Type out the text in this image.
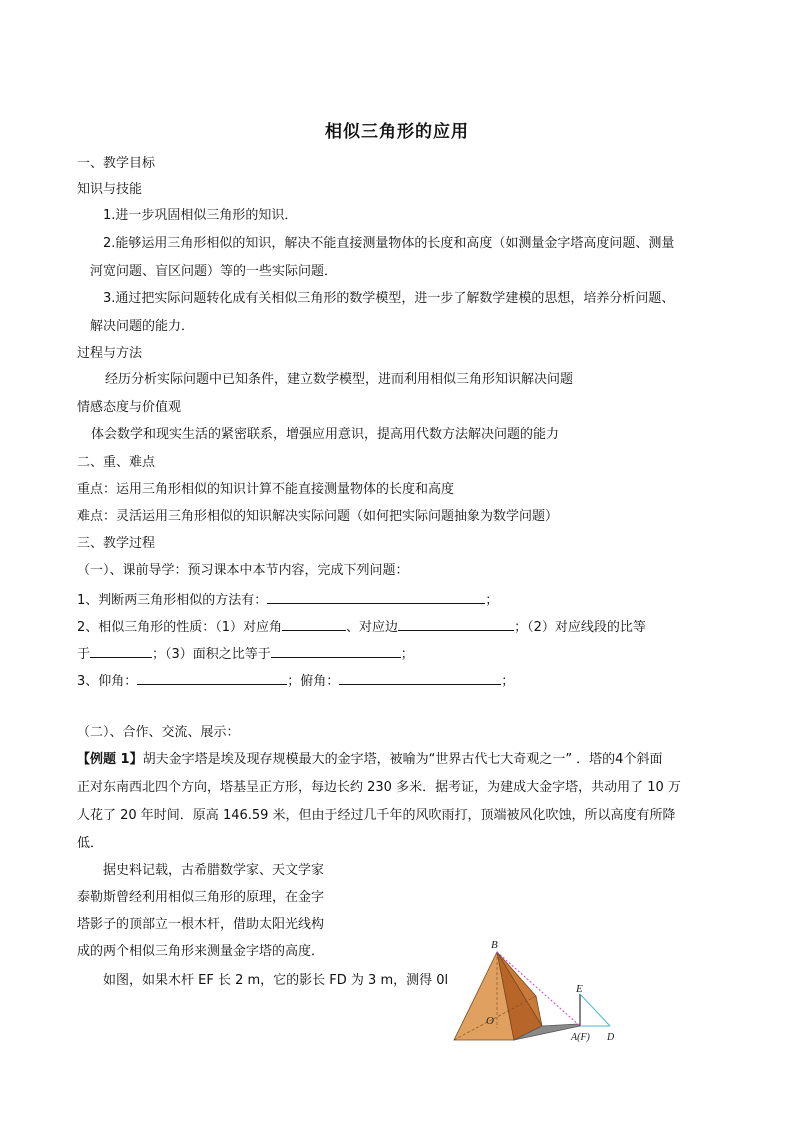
相似三角形的应用
一、教学目标
知识与技能
1.进一步巩固相似三角形的知识．
2.能够运用三角形相似的知识，解决不能直接测量物体的长度和高度（如测量金字塔高度问题、测量
河宽问题、盲区问题）等的一些实际问题．
3.通过把实际问题转化成有关相似三角形的数学模型，进一步了解数学建模的思想，培养分析问题、
解决问题的能力．
过程与方法
经历分析实际问题中已知条件，建立数学模型，进而利用相似三角形知识解决问题
情感态度与价值观
体会数学和现实生活的紧密联系，增强应用意识，提高用代数方法解决问题的能力
二、重、难点
重点：运用三角形相似的知识计算不能直接测量物体的长度和高度
难点：灵活运用三角形相似的知识解决实际问题（如何把实际问题抽象为数学问题）
三、教学过程
（一）、课前导学：预习课本中本节内容，完成下列问题：
1、判断两三角形相似的方法有：	；
2、相似三角形的性质：（1）对应角	、对应边	；（2）对应线段的比等
于	；（3）面积之比等于	；
3、仰角：	；俯角：	；
（二）、合作、交流、展示：
【例题 1】胡夫金字塔是埃及现存规模最大的金字塔，被喻为“世界古代七大奇观之一” ．塔的4个斜面
正对东南西北四个方向，塔基呈正方形，每边长约 230 多米．据考证，为建成大金字塔，共动用了 10 万
人花了 20 年时间．原高 146.59 米，但由于经过几千年的风吹雨打，顶端被风化吹蚀，所以高度有所降
低．
据史料记载，古希腊数学家、天文学家
泰勒斯曾经利用相似三角形的原理，在金字
塔影子的顶部立一根木杆，借助太阳光线构
成的两个相似三角形来测量金字塔的高度．
如图，如果木杆 EF 长 2 m，它的影长 FD 为 3 m，测得 0l
B
E
O
A(F) D
